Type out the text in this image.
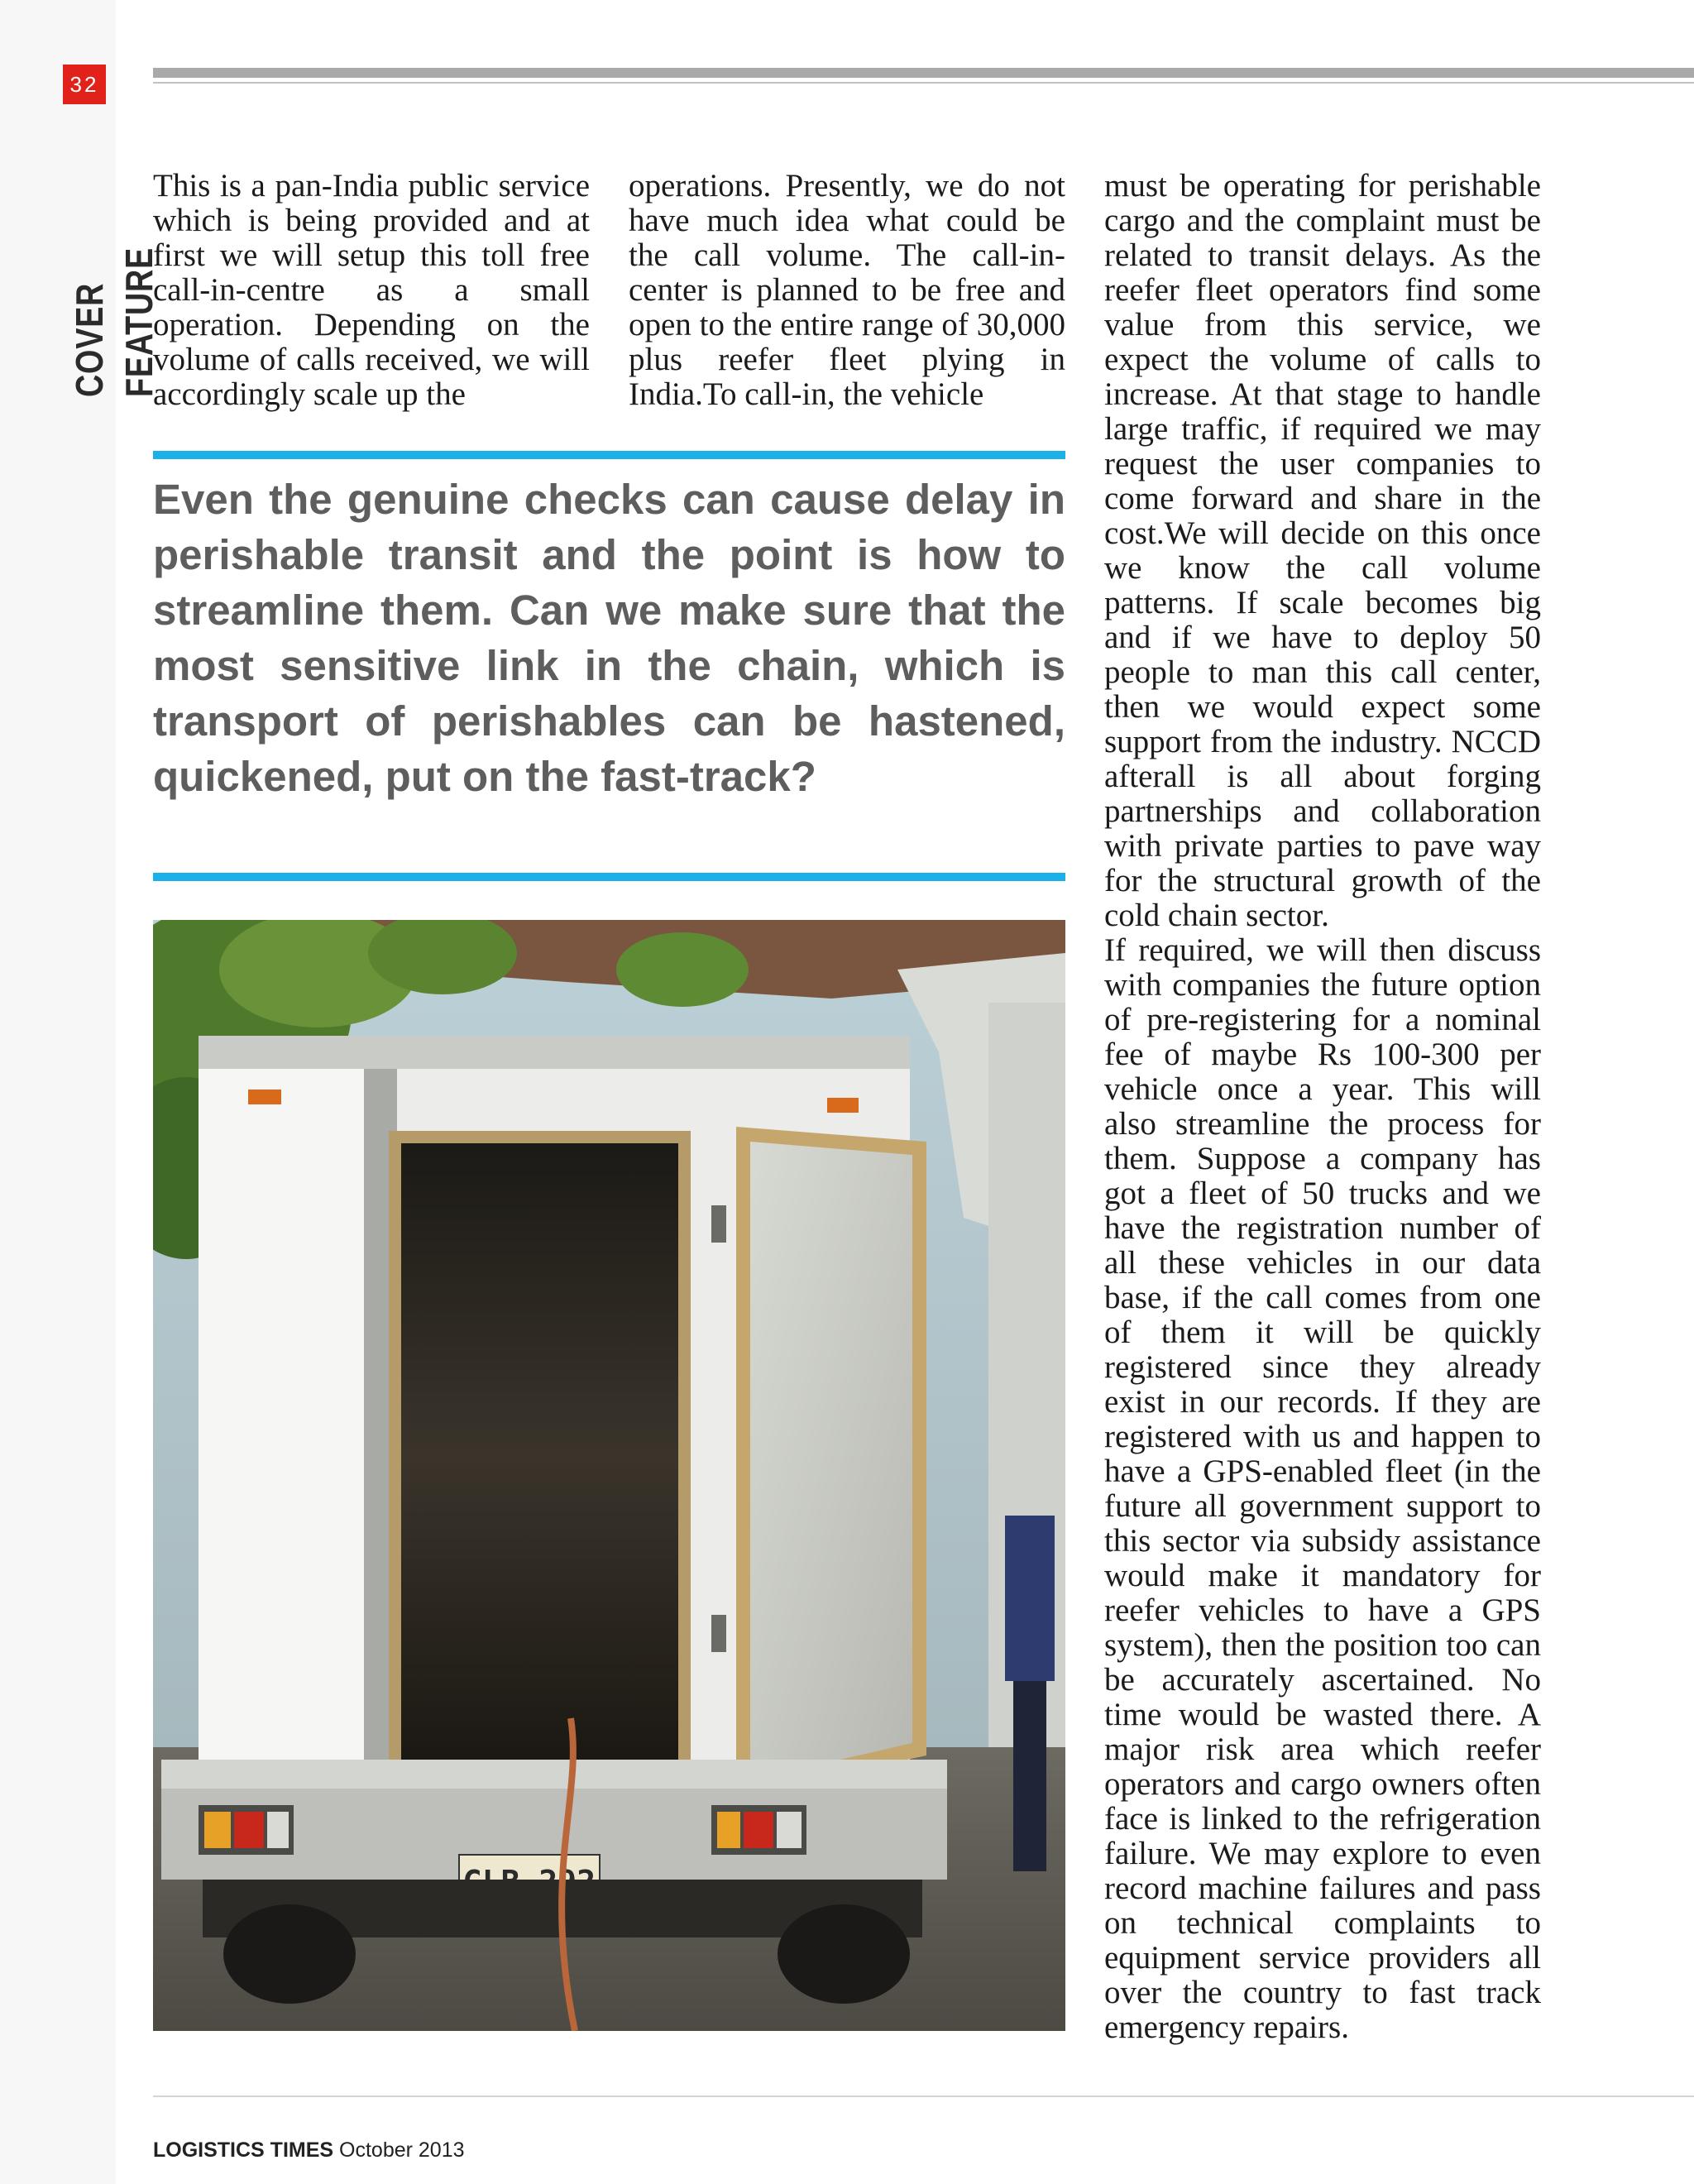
32
COVER FEATURE

This is a pan-India public service which is being provided and at first we will setup this toll free call-in-centre as a small operation. Depending on the volume of calls received, we will accordingly scale up the

operations. Presently, we do not have much idea what could be the call volume. The call-in-center is planned to be free and open to the entire range of 30,000 plus reefer fleet plying in India.To call-in, the vehicle

must be operating for perishable cargo and the complaint must be related to transit delays. As the reefer fleet operators find some value from this service, we expect the volume of calls to increase. At that stage to handle large traffic, if required we may request the user companies to come forward and share in the cost.We will decide on this once we know the call volume patterns. If scale becomes big and if we have to deploy 50 people to man this call center, then we would expect some support from the industry. NCCD afterall is all about forging partnerships and collaboration with private parties to pave way for the structural growth of the cold chain sector.

If required, we will then discuss with companies the future option of pre-registering for a nominal fee of maybe Rs 100-300 per vehicle once a year. This will also streamline the process for them. Suppose a company has got a fleet of 50 trucks and we have the registration number of all these vehicles in our data base, if the call comes from one of them it will be quickly registered since they already exist in our records. If they are registered with us and happen to have a GPS-enabled fleet (in the future all government support to this sector via subsidy assistance would make it mandatory for reefer vehicles to have a GPS system), then the position too can be accurately ascertained. No time would be wasted there. A major risk area which reefer operators and cargo owners often face is linked to the refrigeration failure. We may explore to even record machine failures and pass on technical complaints to equipment service providers all over the country to fast track emergency repairs.

Even the genuine checks can cause delay in perishable transit and the point is how to streamline them. Can we make sure that the most sensitive link in the chain, which is transport of perishables can be hastened, quickened, put on the fast-track?

LOGISTICS TIMES October 2013
